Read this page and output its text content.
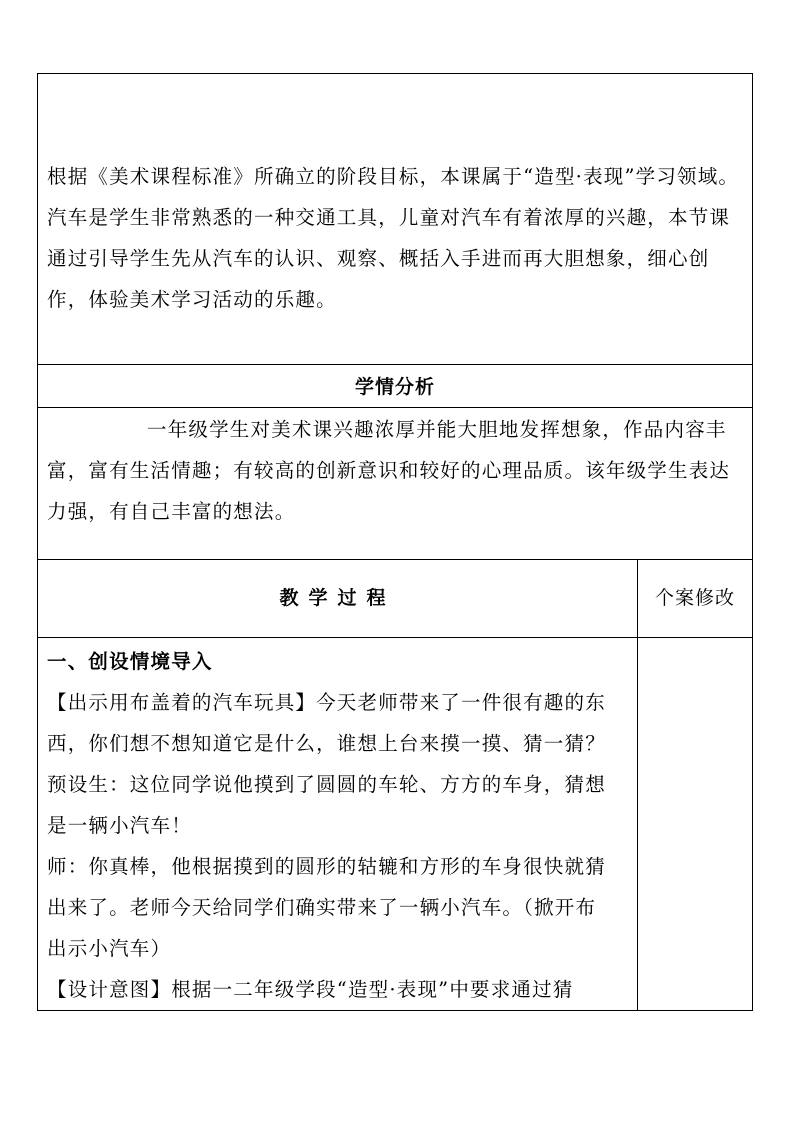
根据《美术课程标准》所确立的阶段目标，本课属于“造型·表现”学习领域。汽车是学生非常熟悉的一种交通工具，儿童对汽车有着浓厚的兴趣，本节课通过引导学生先从汽车的认识、观察、概括入手进而再大胆想象，细心创作，体验美术学习活动的乐趣。

学情分析

一年级学生对美术课兴趣浓厚并能大胆地发挥想象，作品内容丰富，富有生活情趣；有较高的创新意识和较好的心理品质。该年级学生表达力强，有自己丰富的想法。

教学过程	个案修改
一、创设情境导入
【出示用布盖着的汽车玩具】今天老师带来了一件很有趣的东
西，你们想不想知道它是什么，谁想上台来摸一摸、猜一猜？
预设生：这位同学说他摸到了圆圆的车轮、方方的车身，猜想
是一辆小汽车！
师：你真棒，他根据摸到的圆形的轱辘和方形的车身很快就猜
出来了。老师今天给同学们确实带来了一辆小汽车。（掀开布
出示小汽车）
【设计意图】根据一二年级学段“造型·表现”中要求通过猜
